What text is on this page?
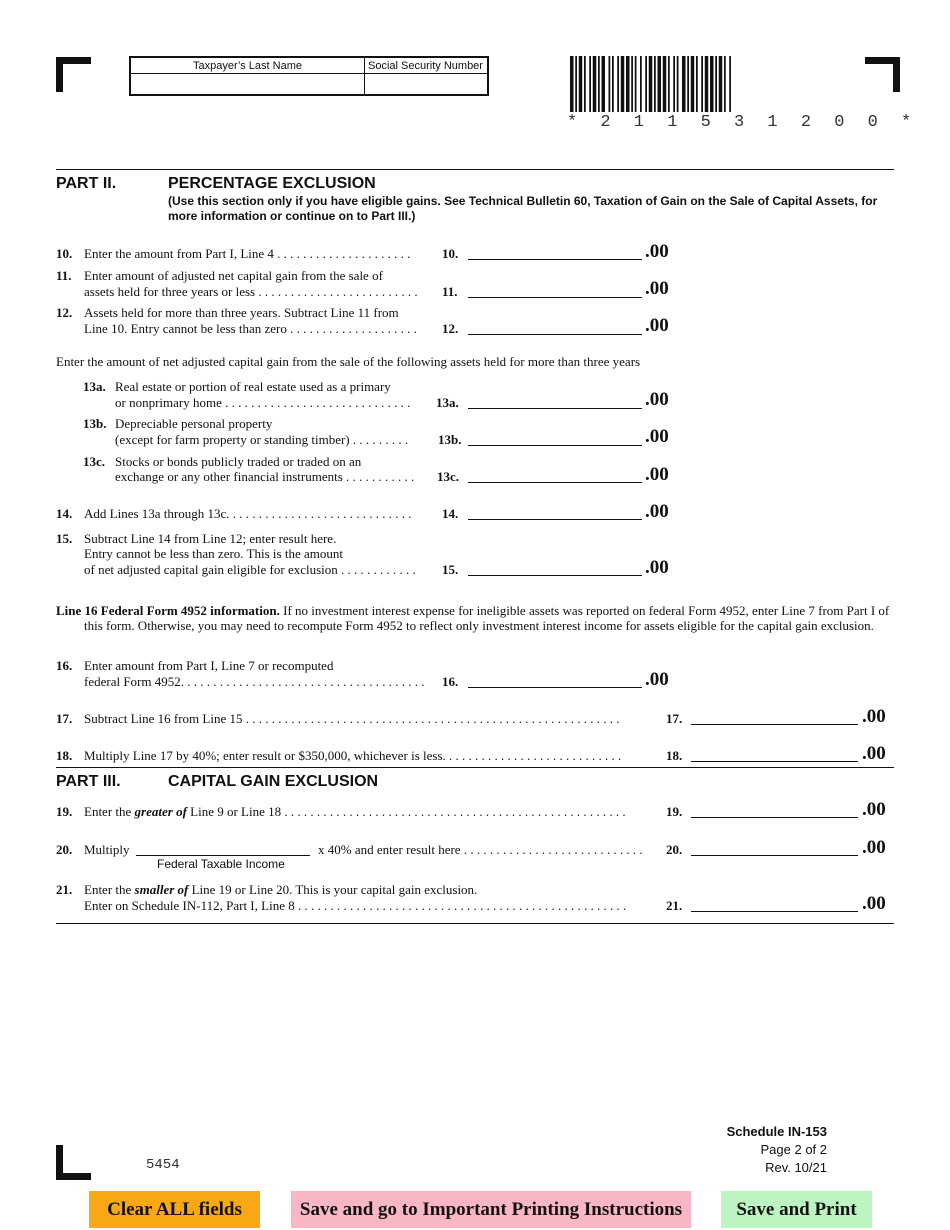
Taxpayer’s Last Name	Social Security Number
* 2 1 1 5 3 1 2 0 0 *
PART II.	PERCENTAGE EXCLUSION
(Use this section only if you have eligible gains. See Technical Bulletin 60, Taxation of Gain on the Sale of Capital Assets, for more information or continue on to Part III.)
10. Enter the amount from Part I, Line 4 . . . . . . . . . . . . . . . . . . . . .	10.	.00
11. Enter amount of adjusted net capital gain from the sale of
assets held for three years or less . . . . . . . . . . . . . . . . . . . . . . . . .	11.	.00
12. Assets held for more than three years. Subtract Line 11 from
Line 10. Entry cannot be less than zero . . . . . . . . . . . . . . . . . . . .	12.	.00
Enter the amount of net adjusted capital gain from the sale of the following assets held for more than three years
13a. Real estate or portion of real estate used as a primary
or nonprimary home . . . . . . . . . . . . . . . . . . . . . . . . . . . . .	13a.	.00
13b. Depreciable personal property
(except for farm property or standing timber) . . . . . . . . .	13b.	.00
13c. Stocks or bonds publicly traded or traded on an
exchange or any other financial instruments . . . . . . . . . . .	13c.	.00
14. Add Lines 13a through 13c. . . . . . . . . . . . . . . . . . . . . . . . . . . . .	14.	.00
15. Subtract Line 14 from Line 12; enter result here.
Entry cannot be less than zero. This is the amount
of net adjusted capital gain eligible for exclusion . . . . . . . . . . . .	15.	.00
Line 16 Federal Form 4952 information. If no investment interest expense for ineligible assets was reported on federal Form 4952, enter Line 7 from Part I of this form. Otherwise, you may need to recompute Form 4952 to reflect only investment interest income for assets eligible for the capital gain exclusion.
16. Enter amount from Part I, Line 7 or recomputed
federal Form 4952. . . . . . . . . . . . . . . . . . . . . . . . . . . . . . . . . . . . . .	16.	.00
17. Subtract Line 16 from Line 15 . . . . . . . . . . . . . . . . . . . . . . . . . . . . . . . . . . . . . . . . . . . . . . . . . . . . . . . . . .	17.	.00
18. Multiply Line 17 by 40%; enter result or $350,000, whichever is less. . . . . . . . . . . . . . . . . . . . . . . . . . . .	18.	.00
PART III.	CAPITAL GAIN EXCLUSION
19. Enter the greater of Line 9 or Line 18 . . . . . . . . . . . . . . . . . . . . . . . . . . . . . . . . . . . . . . . . . . . . . . . . . . . . .	19.	.00
20. Multiply
Federal Taxable Income
x 40% and enter result here . . . . . . . . . . . . . . . . . . . . . . . . . . . .	20.	.00
21. Enter the smaller of Line 19 or Line 20. This is your capital gain exclusion.
Enter on Schedule IN-112, Part I, Line 8 . . . . . . . . . . . . . . . . . . . . . . . . . . . . . . . . . . . . . . . . . . . . . . . . . . .	21.	.00
Schedule IN-153
Page 2 of 2
Rev. 10/21
5454
Clear ALL fields	Save and go to Important Printing Instructions	Save and Print
